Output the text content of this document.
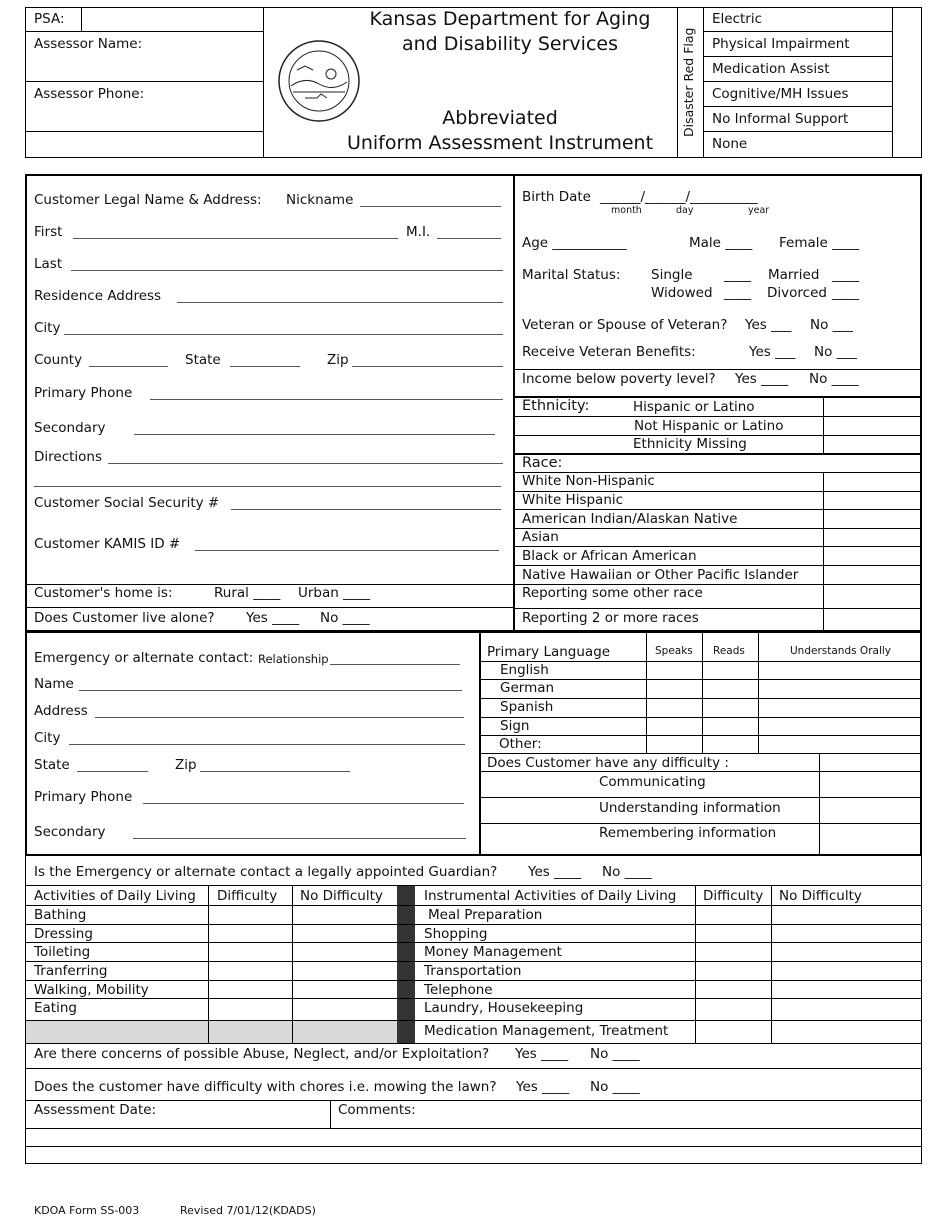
PSA:
Assessor Name:
Assessor Phone:
Kansas Department for Aging
and Disability Services
Abbreviated
Uniform Assessment Instrument
Disaster Red Flag
Electric
Physical Impairment
Medication Assist
Cognitive/MH Issues
No Informal Support
None
Customer Legal Name & Address: Nickname
First	M.I.
Last
Residence Address
City
County	State	Zip
Primary Phone
Secondary
Directions
Customer Social Security #
Customer KAMIS ID #
Customer's home is:	Rural ____ Urban ____
Does Customer live alone? Yes ____ No ____
Birth Date ______/______/__________
month	day	year
Age ___________	Male ____ Female ____
Marital Status: Single ____ Married ____
Widowed ____ Divorced ____
Veteran or Spouse of Veteran? Yes ___ No ___
Receive Veteran Benefits:	Yes ___ No ___
Income below poverty level? Yes ____ No ____
Ethnicity:	Hispanic or Latino
Not Hispanic or Latino
Ethnicity Missing
Race:
White Non-Hispanic
White Hispanic
American Indian/Alaskan Native
Asian
Black or African American
Native Hawaiian or Other Pacific Islander
Reporting some other race
Reporting 2 or more races
Emergency or alternate contact: Relationship
Name
Address
City
State	Zip
Primary Phone
Secondary
Primary Language	Speaks Reads	Understands Orally
English
German
Spanish
Sign
Other:
Does Customer have any difficulty :
Communicating
Understanding information
Remembering information
Is the Emergency or alternate contact a legally appointed Guardian? Yes ____ No ____
Activities of Daily Living Difficulty No Difficulty
Bathing
Dressing
Toileting
Tranferring
Walking, Mobility
Eating
Instrumental Activities of Daily Living Difficulty No Difficulty
Meal Preparation
Shopping
Money Management
Transportation
Telephone
Laundry, Housekeeping
Medication Management, Treatment
Are there concerns of possible Abuse, Neglect, and/or Exploitation? Yes ____ No ____
Does the customer have difficulty with chores i.e. mowing the lawn? Yes ____ No ____
Assessment Date:	Comments:
KDOA Form SS-003	Revised 7/01/12(KDADS)
